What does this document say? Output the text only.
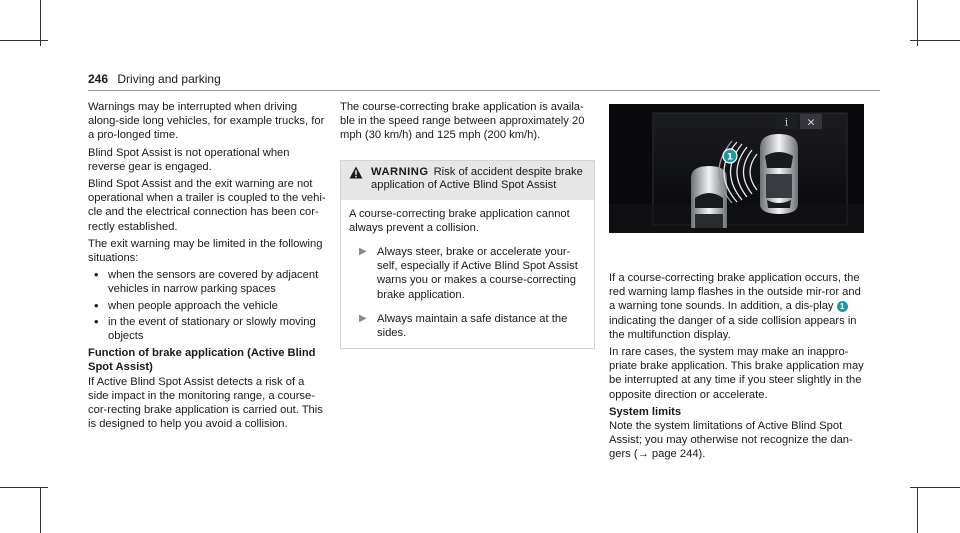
246 Driving and parking

Warnings may be interrupted when driving along-side long vehicles, for example trucks, for a pro-longed time.

Blind Spot Assist is not operational when reverse gear is engaged.

Blind Spot Assist and the exit warning are not operational when a trailer is coupled to the vehi-cle and the electrical connection has been cor-rectly established.

The exit warning may be limited in the following situations:

• when the sensors are covered by adjacent vehicles in narrow parking spaces
• when people approach the vehicle
• in the event of stationary or slowly moving objects
Function of brake application (Active Blind Spot Assist)

If Active Blind Spot Assist detects a risk of a side impact in the monitoring range, a course-cor-recting brake application is carried out. This is designed to help you avoid a collision.

The course-correcting brake application is availa-ble in the speed range between approximately 20 mph (30 km/h) and 125 mph (200 km/h).

WARNING Risk of accident despite brake application of Active Blind Spot Assist

A course-correcting brake application cannot always prevent a collision.

▶ Always steer, brake or accelerate your-self, especially if Active Blind Spot Assist warns you or makes a course-correcting brake application.
▶ Always maintain a safe distance at the sides.
i ×
1

If a course-correcting brake application occurs, the red warning lamp flashes in the outside mir-ror and a warning tone sounds. In addition, a dis-play 1 indicating the danger of a side collision appears in the multifunction display.

In rare cases, the system may make an inappro-priate brake application. This brake application may be interrupted at any time if you steer slightly in the opposite direction or accelerate.

System limits

Note the system limitations of Active Blind Spot Assist; you may otherwise not recognize the dan-gers (→ page 244).
